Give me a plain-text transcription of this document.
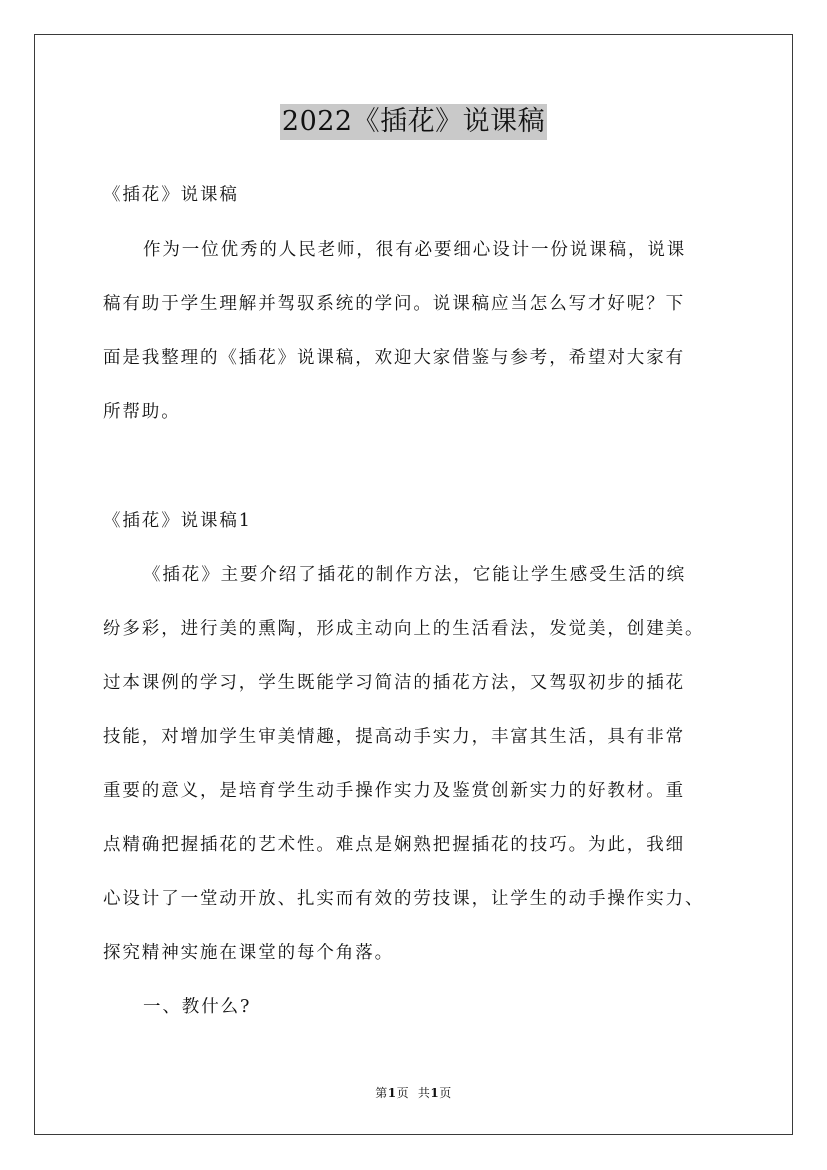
2022《插花》说课稿
《插花》说课稿
作为一位优秀的人民老师，很有必要细心设计一份说课稿，说课
稿有助于学生理解并驾驭系统的学问。说课稿应当怎么写才好呢？下
面是我整理的《插花》说课稿，欢迎大家借鉴与参考，希望对大家有
所帮助。
《插花》说课稿1
《插花》主要介绍了插花的制作方法，它能让学生感受生活的缤
纷多彩，进行美的熏陶，形成主动向上的生活看法，发觉美，创建美。
过本课例的学习，学生既能学习简洁的插花方法，又驾驭初步的插花
技能，对增加学生审美情趣，提高动手实力，丰富其生活，具有非常
重要的意义，是培育学生动手操作实力及鉴赏创新实力的好教材。重
点精确把握插花的艺术性。难点是娴熟把握插花的技巧。为此，我细
心设计了一堂动开放、扎实而有效的劳技课，让学生的动手操作实力、
探究精神实施在课堂的每个角落。
一、教什么?
第1页 共1页
